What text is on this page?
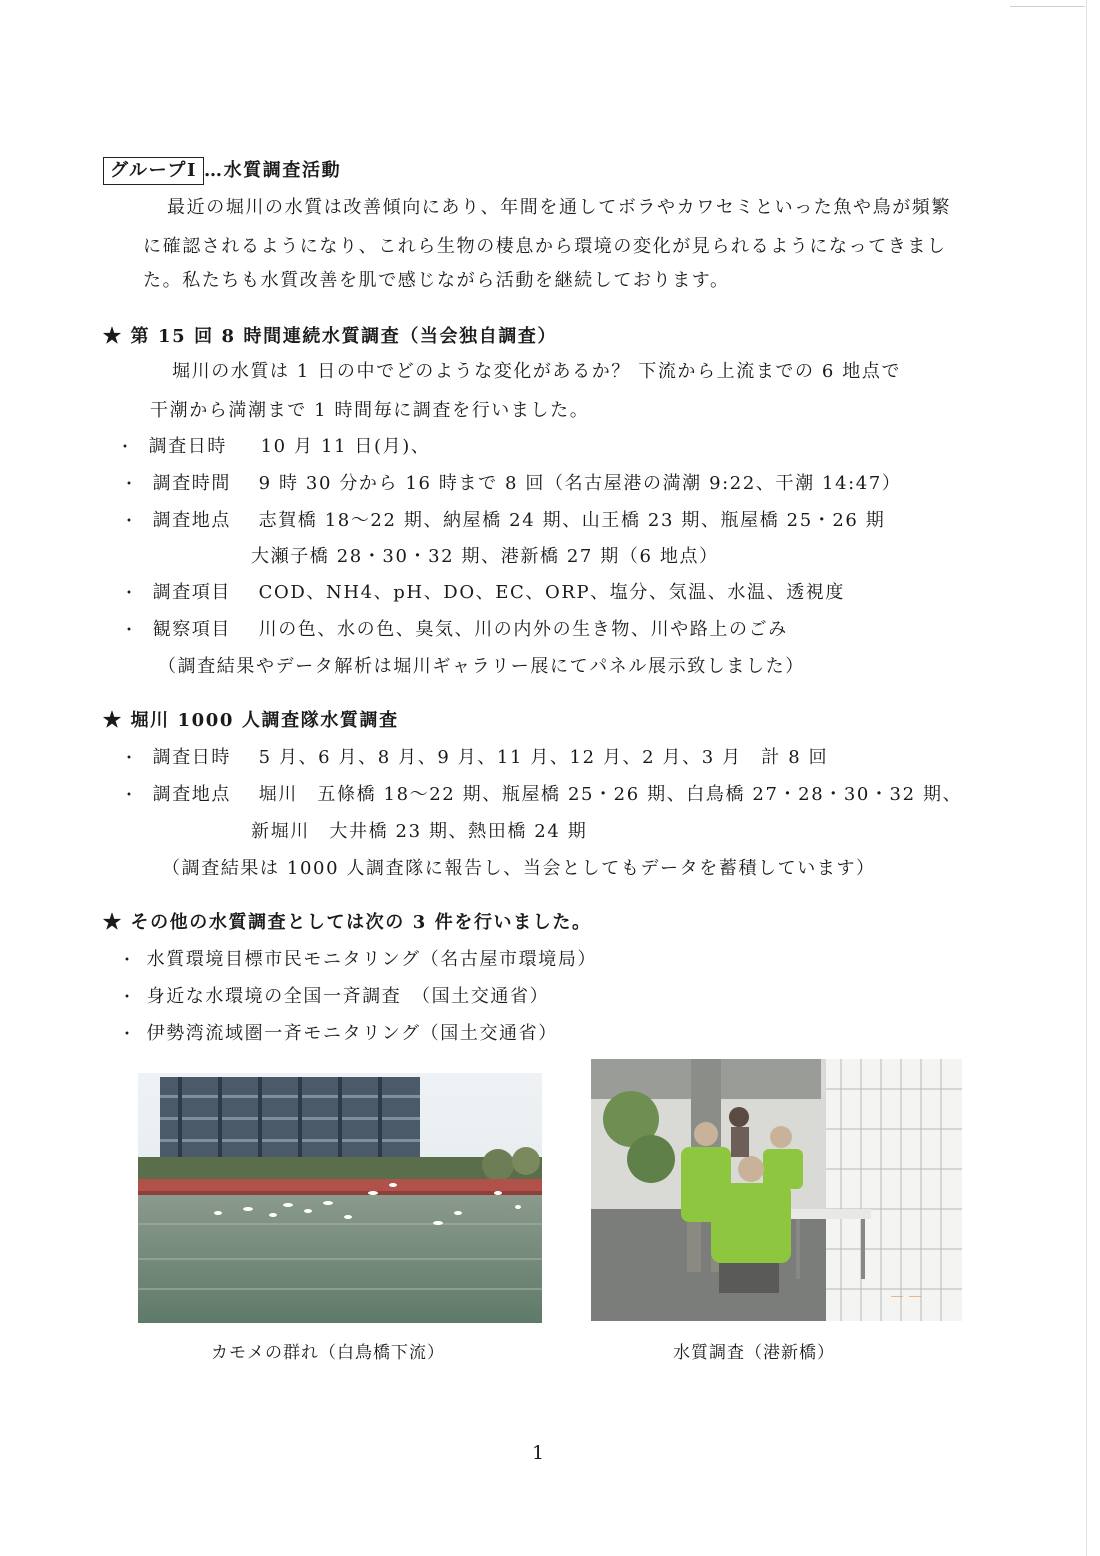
グループⅠ …水質調査活動
最近の堀川の水質は改善傾向にあり、年間を通してボラやカワセミといった魚や鳥が頻繁
に確認されるようになり、これら生物の棲息から環境の変化が見られるようになってきまし
た。私たちも水質改善を肌で感じながら活動を継続しております。
★ 第 15 回 8 時間連続水質調査（当会独自調査）
堀川の水質は 1 日の中でどのような変化があるか？ 下流から上流までの 6 地点で
干潮から満潮まで 1 時間毎に調査を行いました。
・ 調査日時 10 月 11 日(月)、
・ 調査時間 9 時 30 分から 16 時まで 8 回（名古屋港の満潮 9:22、干潮 14:47）
・ 調査地点 志賀橋 18～22 期、納屋橋 24 期、山王橋 23 期、瓶屋橋 25・26 期
大瀬子橋 28・30・32 期、港新橋 27 期（6 地点）
・ 調査項目 COD、NH4、pH、DO、EC、ORP、塩分、気温、水温、透視度
・ 観察項目 川の色、水の色、臭気、川の内外の生き物、川や路上のごみ
（調査結果やデータ解析は堀川ギャラリー展にてパネル展示致しました）
★ 堀川 1000 人調査隊水質調査
・ 調査日時 5 月、6 月、8 月、9 月、11 月、12 月、2 月、3 月　計 8 回
・ 調査地点 堀川　五條橋 18～22 期、瓶屋橋 25・26 期、白鳥橋 27・28・30・32 期、
新堀川　大井橋 23 期、熱田橋 24 期
（調査結果は 1000 人調査隊に報告し、当会としてもデータを蓄積しています）
★ その他の水質調査としては次の 3 件を行いました。
・ 水質環境目標市民モニタリング（名古屋市環境局）
・ 身近な水環境の全国一斉調査　（国土交通省）
・ 伊勢湾流域圏一斉モニタリング（国土交通省）
—— ——
カモメの群れ（白鳥橋下流）	水質調査（港新橋）
1
